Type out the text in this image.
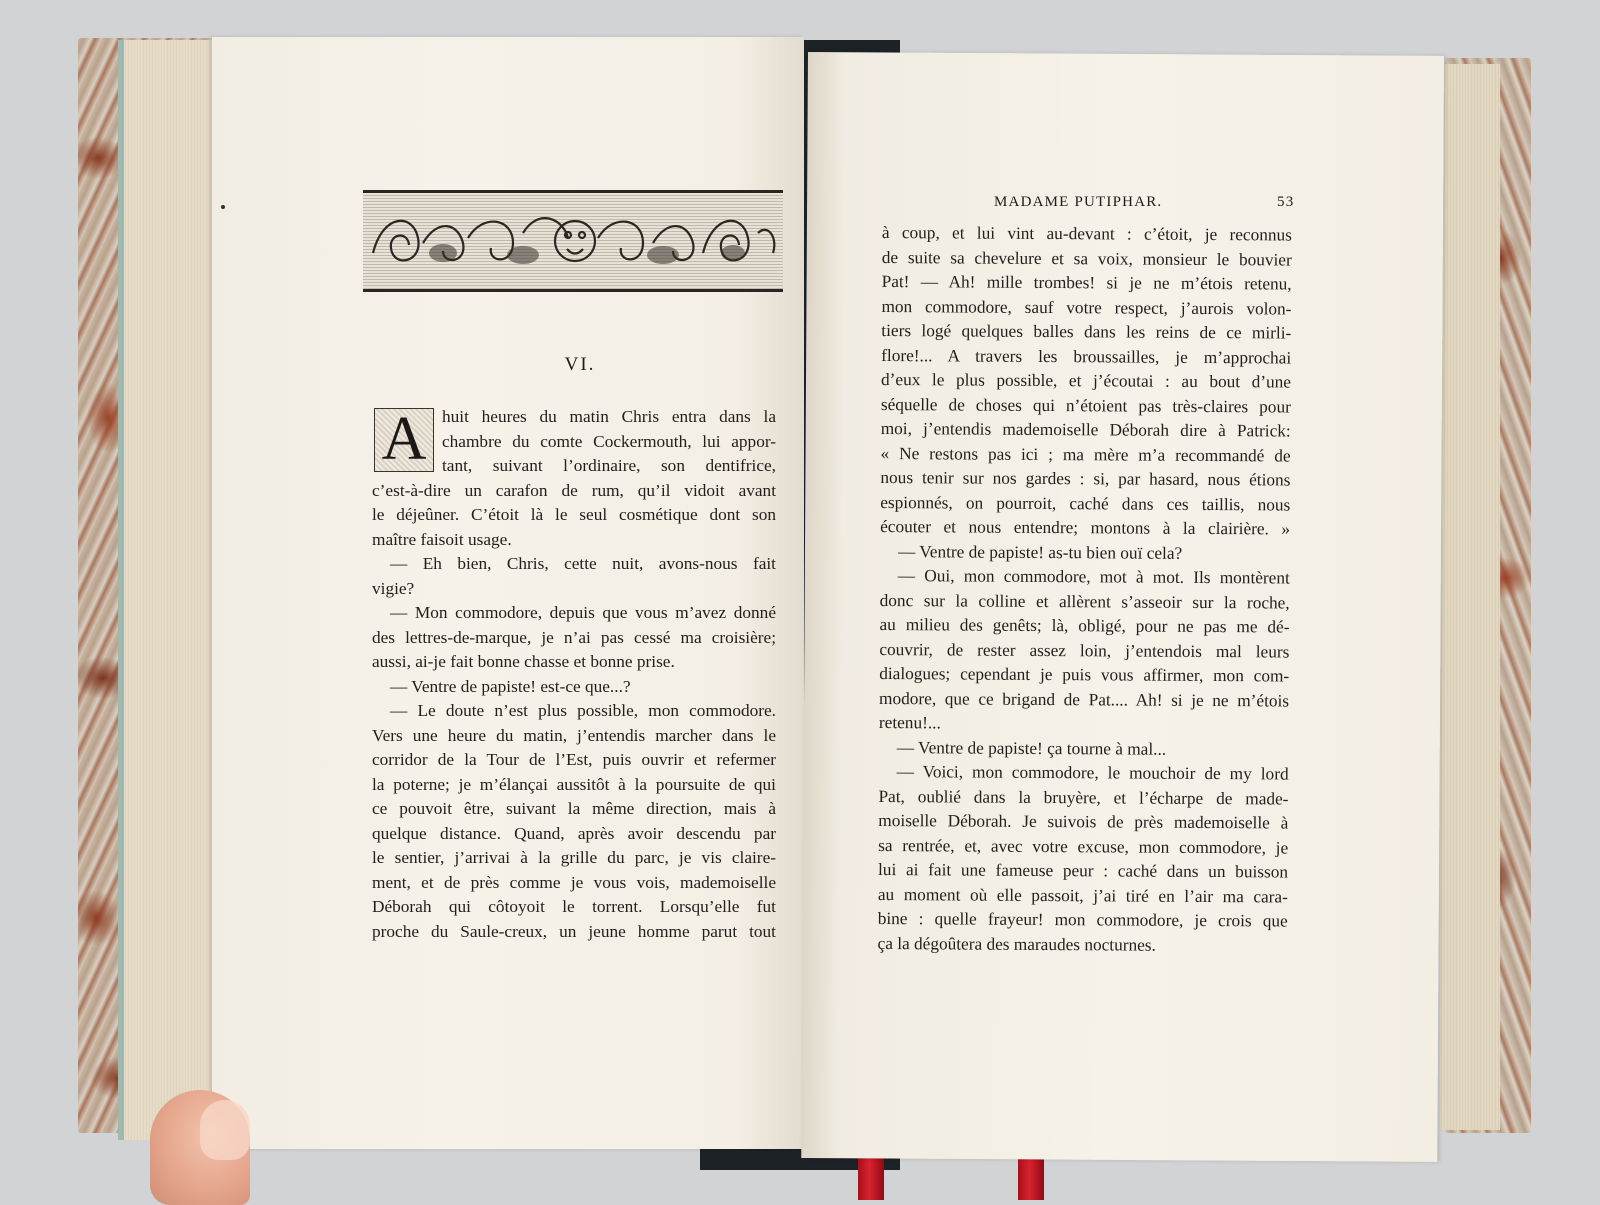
VI.
A huit heures du matin Chris entra dans la
chambre du comte Cockermouth, lui appor-
tant, suivant l’ordinaire, son dentifrice,
c’est-à-dire un carafon de rum, qu’il vidoit avant
le déjeûner. C’étoit là le seul cosmétique dont son
maître faisoit usage.
— Eh bien, Chris, cette nuit, avons-nous fait
vigie?
— Mon commodore, depuis que vous m’avez donné
des lettres-de-marque, je n’ai pas cessé ma croisière;
aussi, ai-je fait bonne chasse et bonne prise.
— Ventre de papiste! est-ce que...?
— Le doute n’est plus possible, mon commodore.
Vers une heure du matin, j’entendis marcher dans le
corridor de la Tour de l’Est, puis ouvrir et refermer
la poterne; je m’élançai aussitôt à la poursuite de qui
ce pouvoit être, suivant la même direction, mais à
quelque distance. Quand, après avoir descendu par
le sentier, j’arrivai à la grille du parc, je vis claire-
ment, et de près comme je vous vois, mademoiselle
Déborah qui côtoyoit le torrent. Lorsqu’elle fut
proche du Saule-creux, un jeune homme parut tout
MADAME PUTIPHAR.	53
à coup, et lui vint au-devant : c’étoit, je reconnus
de suite sa chevelure et sa voix, monsieur le bouvier
Pat! — Ah! mille trombes! si je ne m’étois retenu,
mon commodore, sauf votre respect, j’aurois volon-
tiers logé quelques balles dans les reins de ce mirli-
flore!... A travers les broussailles, je m’approchai
d’eux le plus possible, et j’écoutai : au bout d’une
séquelle de choses qui n’étoient pas très-claires pour
moi, j’entendis mademoiselle Déborah dire à Patrick:
« Ne restons pas ici ; ma mère m’a recommandé de
nous tenir sur nos gardes : si, par hasard, nous étions
espionnés, on pourroit, caché dans ces taillis, nous
écouter et nous entendre; montons à la clairière. »
— Ventre de papiste! as-tu bien ouï cela?
— Oui, mon commodore, mot à mot. Ils montèrent
donc sur la colline et allèrent s’asseoir sur la roche,
au milieu des genêts; là, obligé, pour ne pas me dé-
couvrir, de rester assez loin, j’entendois mal leurs
dialogues; cependant je puis vous affirmer, mon com-
modore, que ce brigand de Pat.... Ah! si je ne m’étois
retenu!...
— Ventre de papiste! ça tourne à mal...
— Voici, mon commodore, le mouchoir de my lord
Pat, oublié dans la bruyère, et l’écharpe de made-
moiselle Déborah. Je suivois de près mademoiselle à
sa rentrée, et, avec votre excuse, mon commodore, je
lui ai fait une fameuse peur : caché dans un buisson
au moment où elle passoit, j’ai tiré en l’air ma cara-
bine : quelle frayeur! mon commodore, je crois que
ça la dégoûtera des maraudes nocturnes.
